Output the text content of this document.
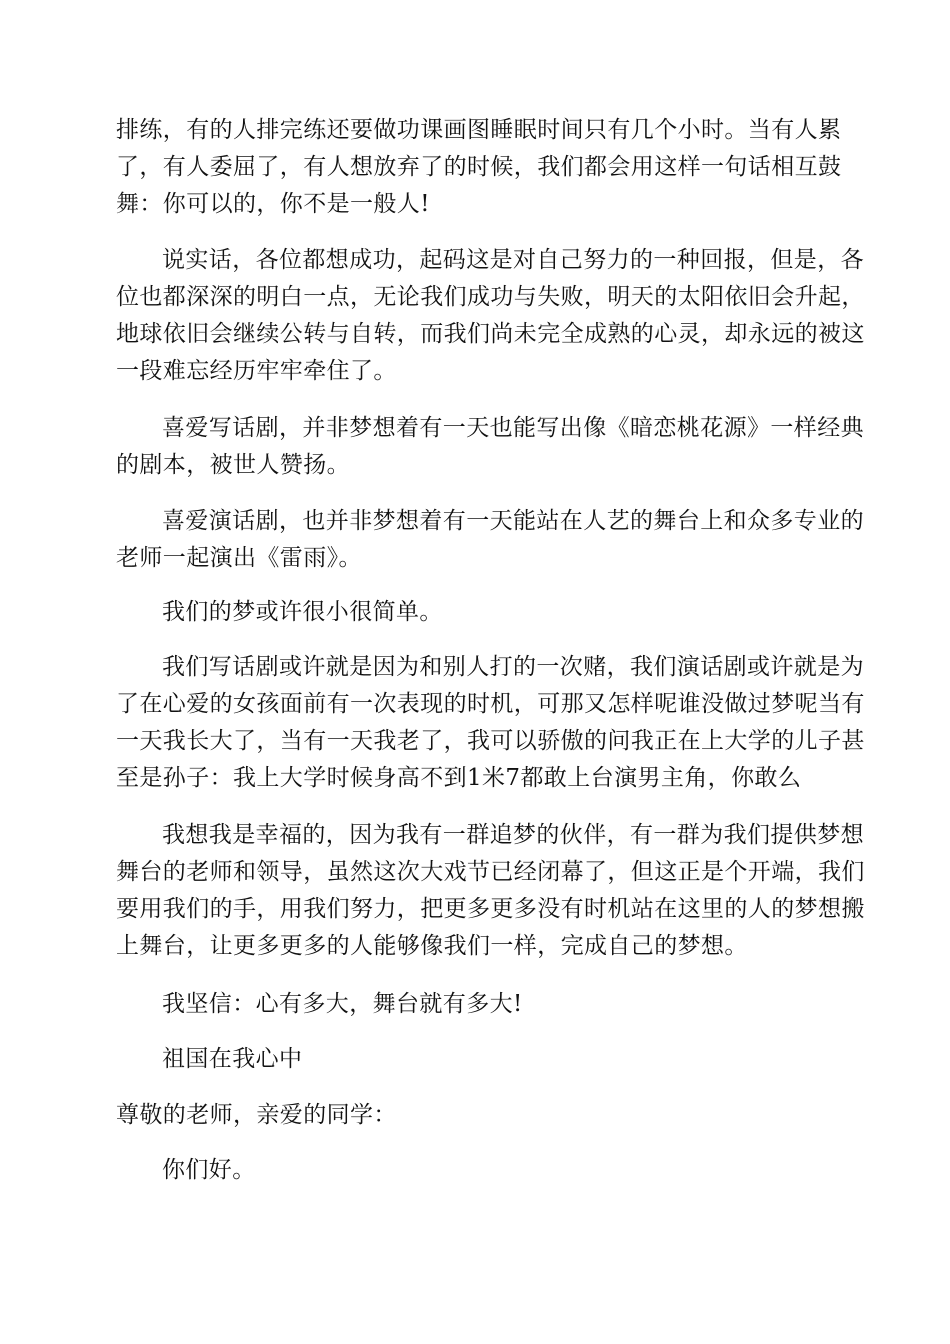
排练，有的人排完练还要做功课画图睡眠时间只有几个小时。当有人累
了，有人委屈了，有人想放弃了的时候，我们都会用这样一句话相互鼓
舞：你可以的，你不是一般人!
说实话，各位都想成功，起码这是对自己努力的一种回报，但是，各
位也都深深的明白一点，无论我们成功与失败，明天的太阳依旧会升起，
地球依旧会继续公转与自转，而我们尚未完全成熟的心灵，却永远的被这
一段难忘经历牢牢牵住了。
喜爱写话剧，并非梦想着有一天也能写出像《暗恋桃花源》一样经典
的剧本，被世人赞扬。
喜爱演话剧，也并非梦想着有一天能站在人艺的舞台上和众多专业的
老师一起演出《雷雨》。
我们的梦或许很小很简单。
我们写话剧或许就是因为和别人打的一次赌，我们演话剧或许就是为
了在心爱的女孩面前有一次表现的时机，可那又怎样呢谁没做过梦呢当有
一天我长大了，当有一天我老了，我可以骄傲的问我正在上大学的儿子甚
至是孙子：我上大学时候身高不到1米7都敢上台演男主角，你敢么
我想我是幸福的，因为我有一群追梦的伙伴，有一群为我们提供梦想
舞台的老师和领导，虽然这次大戏节已经闭幕了，但这正是个开端，我们
要用我们的手，用我们努力，把更多更多没有时机站在这里的人的梦想搬
上舞台，让更多更多的人能够像我们一样，完成自己的梦想。
我坚信：心有多大，舞台就有多大!
祖国在我心中
尊敬的老师，亲爱的同学：
你们好。
